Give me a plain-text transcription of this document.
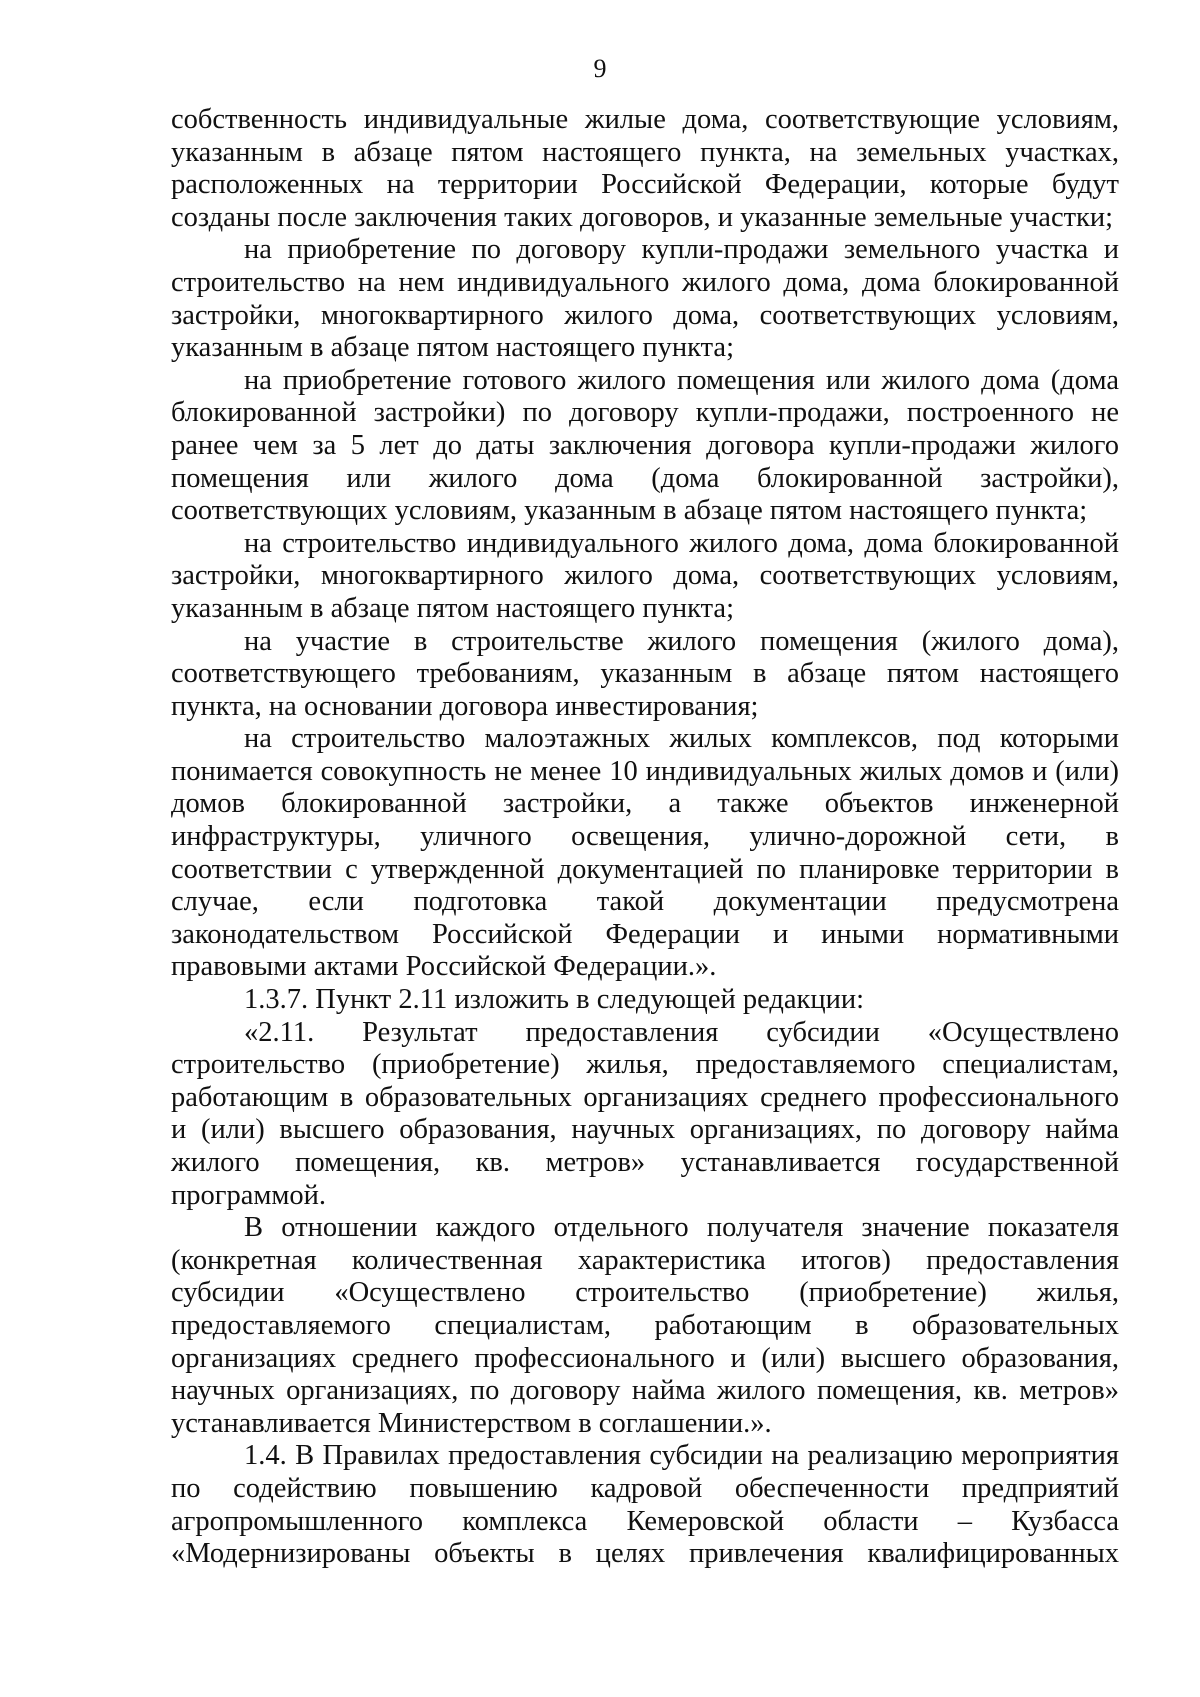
9
собственность индивидуальные жилые дома, соответствующие условиям,
указанным в абзаце пятом настоящего пункта, на земельных участках,
расположенных на территории Российской Федерации, которые будут
созданы после заключения таких договоров, и указанные земельные участки;
на приобретение по договору купли-продажи земельного участка и
строительство на нем индивидуального жилого дома, дома блокированной
застройки, многоквартирного жилого дома, соответствующих условиям,
указанным в абзаце пятом настоящего пункта;
на приобретение готового жилого помещения или жилого дома (дома
блокированной застройки) по договору купли-продажи, построенного не
ранее чем за 5 лет до даты заключения договора купли-продажи жилого
помещения или жилого дома (дома блокированной застройки),
соответствующих условиям, указанным в абзаце пятом настоящего пункта;
на строительство индивидуального жилого дома, дома блокированной
застройки, многоквартирного жилого дома, соответствующих условиям,
указанным в абзаце пятом настоящего пункта;
на участие в строительстве жилого помещения (жилого дома),
соответствующего требованиям, указанным в абзаце пятом настоящего
пункта, на основании договора инвестирования;
на строительство малоэтажных жилых комплексов, под которыми
понимается совокупность не менее 10 индивидуальных жилых домов и (или)
домов блокированной застройки, а также объектов инженерной
инфраструктуры, уличного освещения, улично-дорожной сети, в
соответствии с утвержденной документацией по планировке территории в
случае, если подготовка такой документации предусмотрена
законодательством Российской Федерации и иными нормативными
правовыми актами Российской Федерации.».
1.3.7. Пункт 2.11 изложить в следующей редакции:
«2.11. Результат предоставления субсидии «Осуществлено
строительство (приобретение) жилья, предоставляемого специалистам,
работающим в образовательных организациях среднего профессионального
и (или) высшего образования, научных организациях, по договору найма
жилого помещения, кв. метров» устанавливается государственной
программой.
В отношении каждого отдельного получателя значение показателя
(конкретная количественная характеристика итогов) предоставления
субсидии «Осуществлено строительство (приобретение) жилья,
предоставляемого специалистам, работающим в образовательных
организациях среднего профессионального и (или) высшего образования,
научных организациях, по договору найма жилого помещения, кв. метров»
устанавливается Министерством в соглашении.».
1.4. В Правилах предоставления субсидии на реализацию мероприятия
по содействию повышению кадровой обеспеченности предприятий
агропромышленного комплекса Кемеровской области – Кузбасса
«Модернизированы объекты в целях привлечения квалифицированных
